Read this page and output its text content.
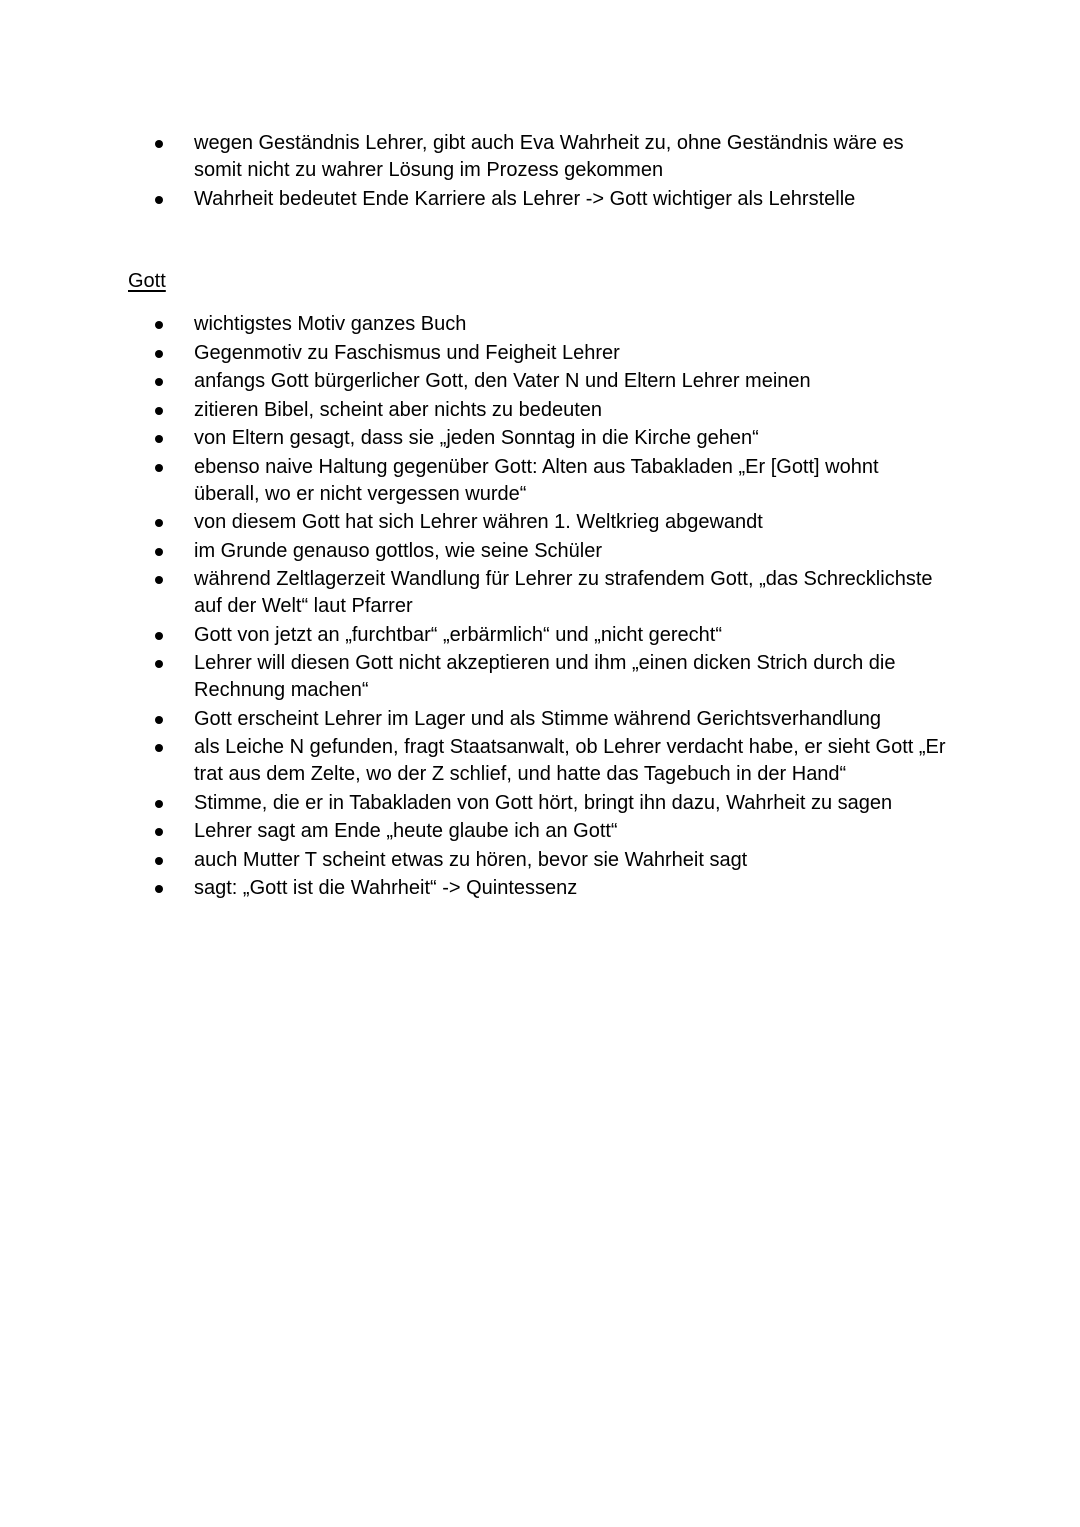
wegen Geständnis Lehrer, gibt auch Eva Wahrheit zu, ohne Geständnis wäre es somit nicht zu wahrer Lösung im Prozess gekommen
Wahrheit bedeutet Ende Karriere als Lehrer -> Gott wichtiger als Lehrstelle
Gott
wichtigstes Motiv ganzes Buch
Gegenmotiv zu Faschismus und Feigheit Lehrer
anfangs Gott bürgerlicher Gott, den Vater N und Eltern Lehrer meinen
zitieren Bibel, scheint aber nichts zu bedeuten
von Eltern gesagt, dass sie „jeden Sonntag in die Kirche gehen“
ebenso naive Haltung gegenüber Gott: Alten aus Tabakladen „Er [Gott] wohnt überall, wo er nicht vergessen wurde“
von diesem Gott hat sich Lehrer währen 1. Weltkrieg abgewandt
im Grunde genauso gottlos, wie seine Schüler
während Zeltlagerzeit Wandlung für Lehrer zu strafendem Gott, „das Schrecklichste auf der Welt“ laut Pfarrer
Gott von jetzt an „furchtbar“ „erbärmlich“ und „nicht gerecht“
Lehrer will diesen Gott nicht akzeptieren und ihm „einen dicken Strich durch die Rechnung machen“
Gott erscheint Lehrer im Lager und als Stimme während Gerichtsverhandlung
als Leiche N gefunden, fragt Staatsanwalt, ob Lehrer verdacht habe, er sieht Gott „Er trat aus dem Zelte, wo der Z schlief, und hatte das Tagebuch in der Hand“
Stimme, die er in Tabakladen von Gott hört, bringt ihn dazu, Wahrheit zu sagen
Lehrer sagt am Ende „heute glaube ich an Gott“
auch Mutter T scheint etwas zu hören, bevor sie Wahrheit sagt
sagt: „Gott ist die Wahrheit“ -> Quintessenz
